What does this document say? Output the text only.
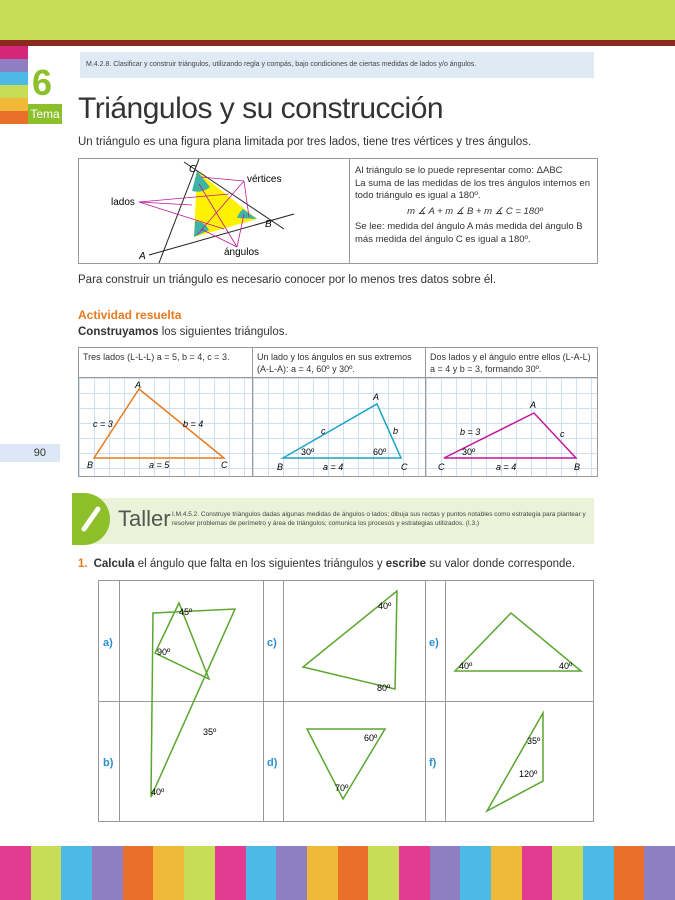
6
Tema
M.4.2.8. Clasificar y construir triángulos, utilizando regla y compás, bajo condiciones de ciertas medidas de lados y/o ángulos.
Triángulos y su construcción
Un triángulo es una figura plana limitada por tres lados, tiene tres vértices y tres ángulos.
lados
vértices
ángulos
C
B
A
Al triángulo se lo puede representar como: ΔABC
La suma de las medidas de los tres ángulos internos en todo triángulo es igual a 180º.
m ∡ A + m ∡ B + m ∡ C = 180º
Se lee: medida del ángulo A más medida del ángulo B más medida del ángulo C es igual a 180º.
Para construir un triángulo es necesario conocer por lo menos tres datos sobre él.
Actividad resuelta
Construyamos los siguientes triángulos.
Tres lados (L-L-L) a = 5, b = 4, c = 3.
A
B	C
c = 3	b = 4
a = 5
Un lado y los ángulos en sus extremos (A-L-A): a = 4, 60º y 30º.
A
B	C
c	b
a = 4
30º	60º
Dos lados y el ángulo entre ellos (L-A-L) a = 4 y b = 3, formando 30º.
A
C	B
b = 3	c
a = 4
30º
90
Taller I.M.4.5.2. Construye triángulos dadas algunas medidas de ángulos o lados; dibuja sus rectas y puntos notables como estrategia para plantear y resolver problemas de perímetro y área de triángulos; comunica los procesos y estrategias utilizados. (I.3.)
1. Calcula el ángulo que falta en los siguientes triángulos y escribe su valor donde corresponde.
a)
b)
c)
d)
e)
f)
45º
90º
35º
40º
40º
80º
60º
70º
40º	40º
35º
120º
